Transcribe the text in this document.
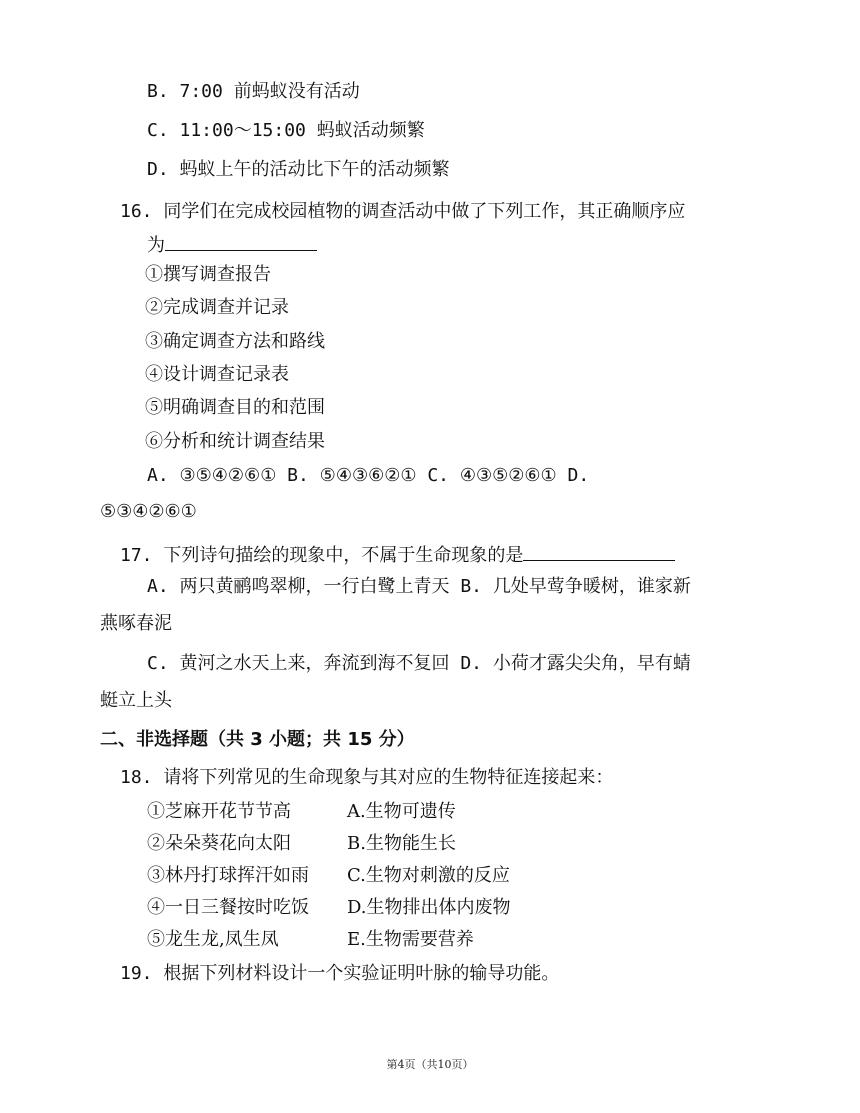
B. 7:00 前蚂蚁没有活动
C. 11:00～15:00 蚂蚁活动频繁
D. 蚂蚁上午的活动比下午的活动频繁
16. 同学们在完成校园植物的调查活动中做了下列工作，其正确顺序应
为
①撰写调查报告
②完成调查并记录
③确定调查方法和路线
④设计调查记录表
⑤明确调查目的和范围
⑥分析和统计调查结果
A. ③⑤④②⑥① B. ⑤④③⑥②① C. ④③⑤②⑥① D.
⑤③④②⑥①
17. 下列诗句描绘的现象中，不属于生命现象的是
A. 两只黄鹂鸣翠柳，一行白鹭上青天 B. 几处早莺争暖树，谁家新
燕啄春泥
C. 黄河之水天上来，奔流到海不复回 D. 小荷才露尖尖角，早有蜻
蜓立上头
二、非选择题（共 3 小题；共 15 分）
18. 请将下列常见的生命现象与其对应的生物特征连接起来：
①芝麻开花节节高	A.生物可遗传
②朵朵葵花向太阳	B.生物能生长
③林丹打球挥汗如雨 C.生物对刺激的反应
④一日三餐按时吃饭 D.生物排出体内废物
⑤龙生龙,凤生凤	E.生物需要营养
19. 根据下列材料设计一个实验证明叶脉的输导功能。
第4页（共10页）
